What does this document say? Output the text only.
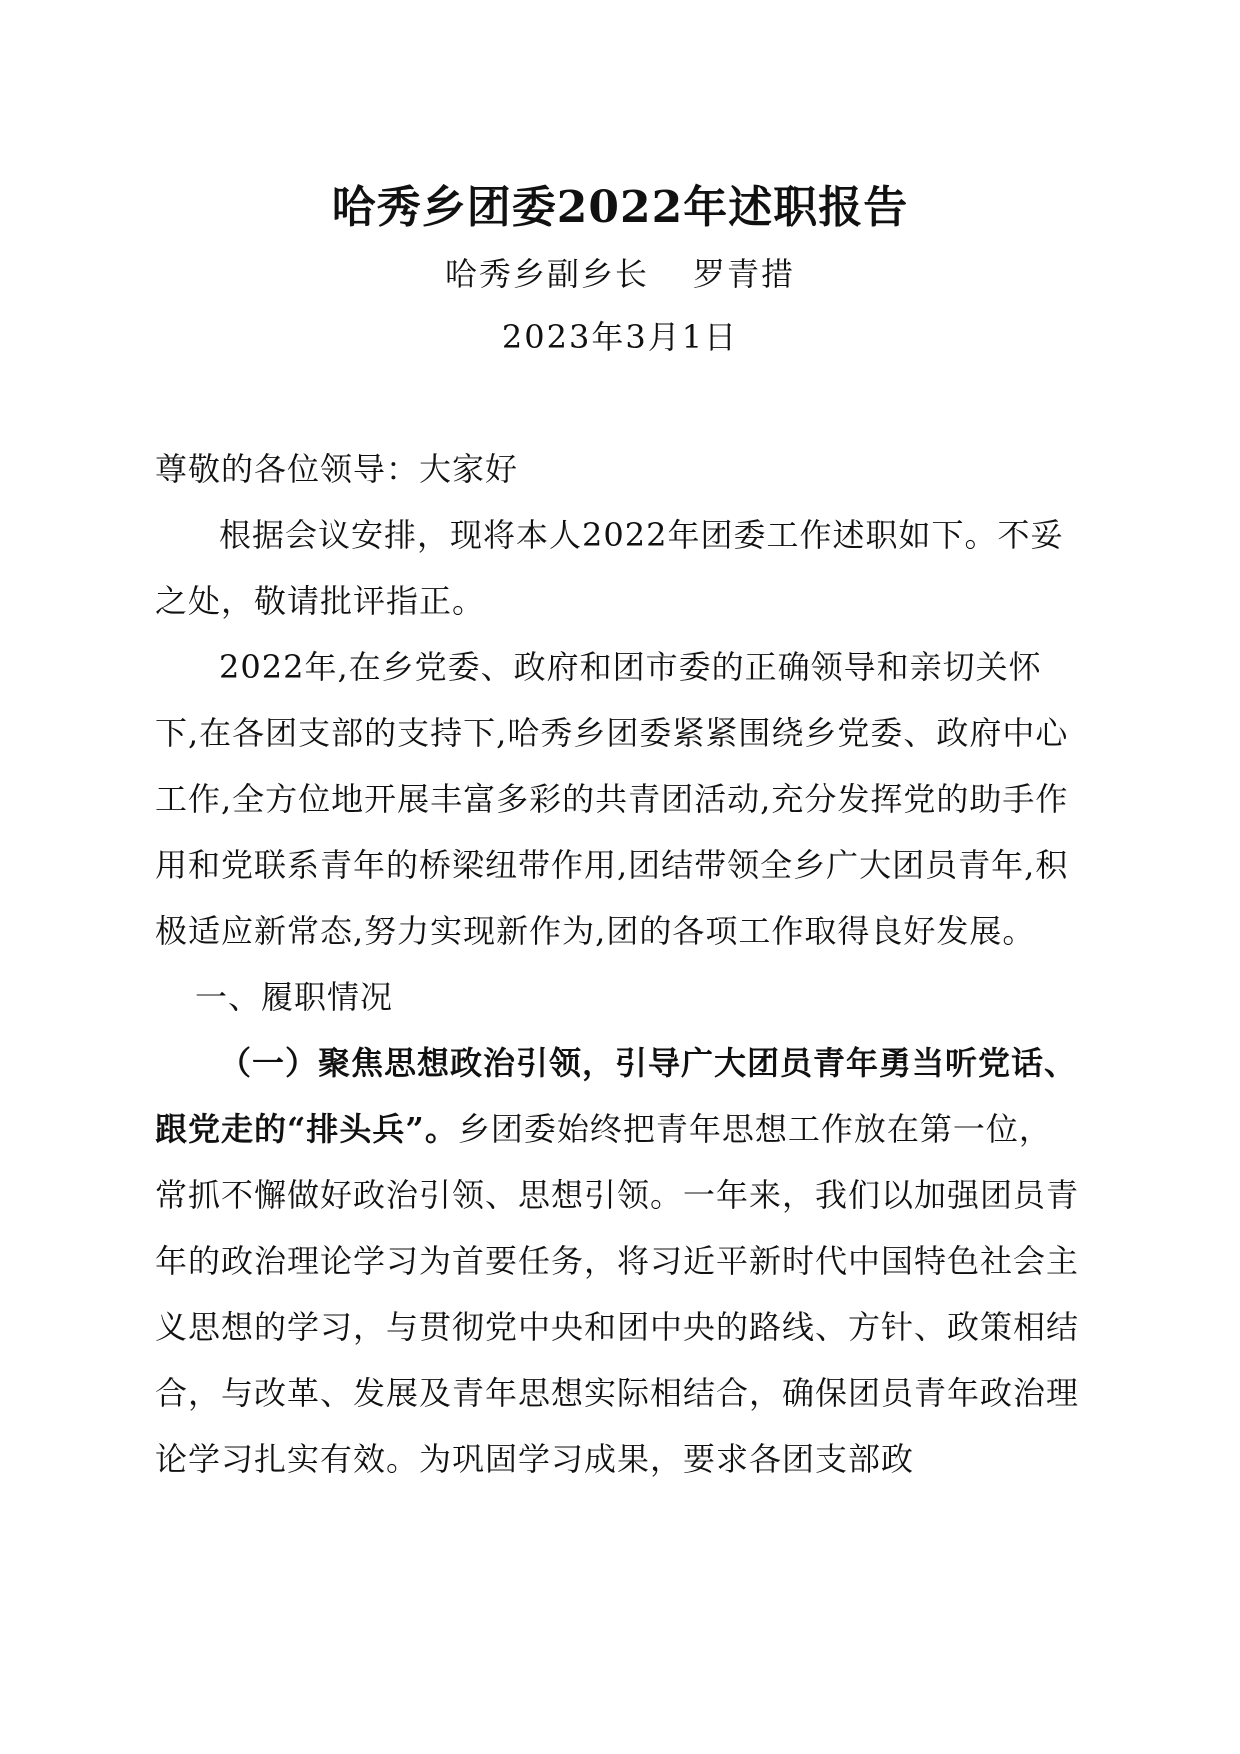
哈秀乡团委2022年述职报告
哈秀乡副乡长 罗青措
2023年3月1日

尊敬的各位领导：大家好

根据会议安排，现将本人2022年团委工作述职如下。不妥之处，敬请批评指正。

2022年,在乡党委、政府和团市委的正确领导和亲切关怀下,在各团支部的支持下,哈秀乡团委紧紧围绕乡党委、政府中心工作,全方位地开展丰富多彩的共青团活动,充分发挥党的助手作用和党联系青年的桥梁纽带作用,团结带领全乡广大团员青年,积极适应新常态,努力实现新作为,团的各项工作取得良好发展。

一、履职情况

（一）聚焦思想政治引领，引导广大团员青年勇当听党话、跟党走的“排头兵”。乡团委始终把青年思想工作放在第一位，常抓不懈做好政治引领、思想引领。一年来，我们以加强团员青年的政治理论学习为首要任务，将习近平新时代中国特色社会主义思想的学习，与贯彻党中央和团中央的路线、方针、政策相结合，与改革、发展及青年思想实际相结合，确保团员青年政治理论学习扎实有效。为巩固学习成果，要求各团支部政
